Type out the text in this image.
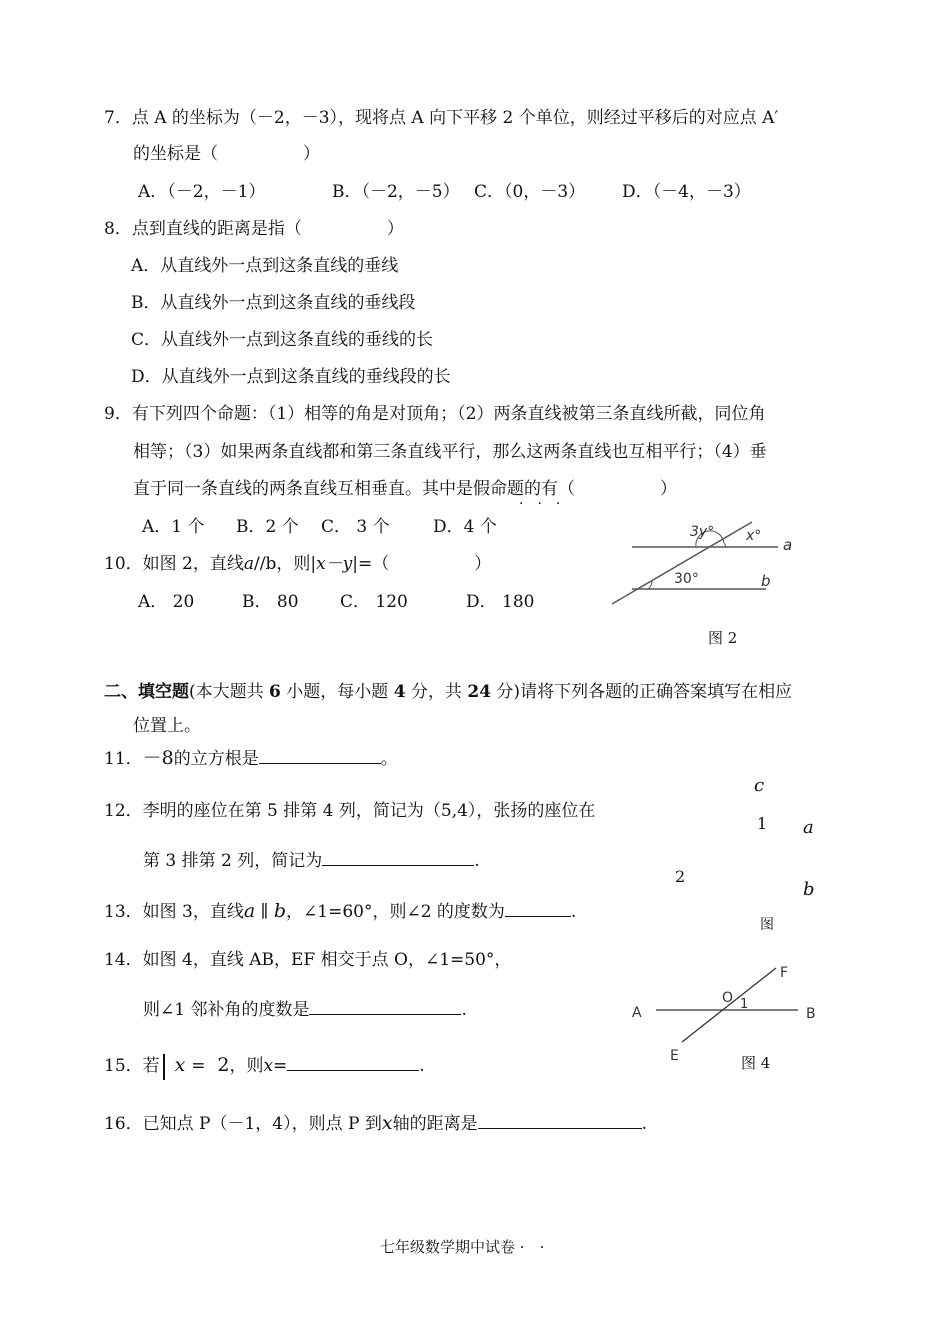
7．点 A 的坐标为（－2，－3），现将点 A 向下平移 2 个单位，则经过平移后的对应点 A′
的坐标是（　　　　　）
A．（－2，－1）	B．（－2，－5） C．（0，－3） D．（－4，－3）
8．点到直线的距离是指（　　　　　）
A．从直线外一点到这条直线的垂线
B．从直线外一点到这条直线的垂线段
C．从直线外一点到这条直线的垂线的长
D．从直线外一点到这条直线的垂线段的长
9．有下列四个命题：（1）相等的角是对顶角；（2）两条直线被第三条直线所截，同位角
相等；（3）如果两条直线都和第三条直线平行，那么这两条直线也互相平行；（4）垂
直于同一条直线的两条直线互相垂直。其中是假命题的有（　　　　　）
·　·　·
A．1 个 B．2 个 C． 3 个	D．4 个
10．如图 2，直线a//b，则|x－y|=（　　　　　）
A． 20	B． 80 C． 120	D． 180
3y° x° a
30°	b
图 2
二、填空题(本大题共 6 小题，每小题 4 分，共 24 分)请将下列各题的正确答案填写在相应
位置上。
11．－8的立方根是	。
12．李明的座位在第 5 排第 4 列，简记为（5,4），张扬的座位在
第 3 排第 2 列，简记为	.
c
1 a
2
b
图
13．如图 3，直线a ∥ b，∠1=60°，则∠2 的度数为	.
14．如图 4，直线 AB，EF 相交于点 O，∠1=50°，
则∠1 邻补角的度数是	.
F
O 1
A	B
E	图 4
15．若 x = 2，则x=	.
16．已知点 P（－1，4），则点 P 到x轴的距离是	.
七年级数学期中试卷 ·　·
